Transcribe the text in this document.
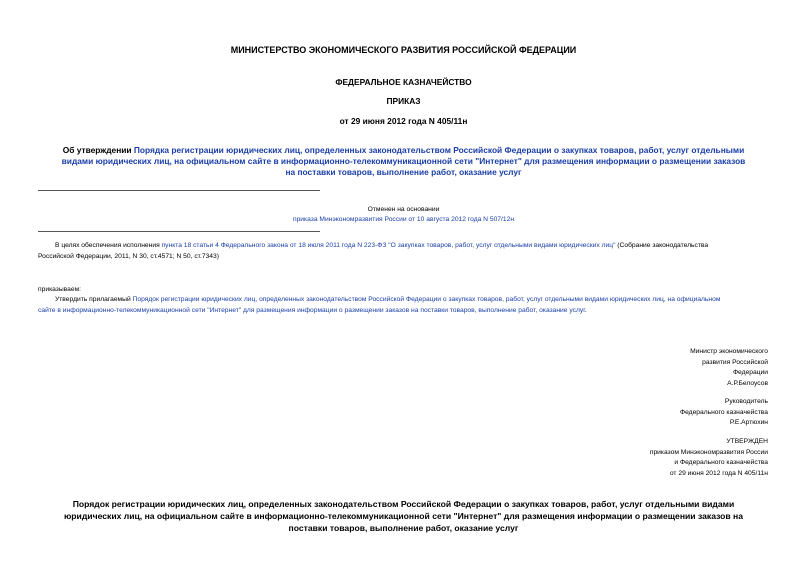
МИНИСТЕРСТВО ЭКОНОМИЧЕСКОГО РАЗВИТИЯ РОССИЙСКОЙ ФЕДЕРАЦИИ
ФЕДЕРАЛЬНОЕ КАЗНАЧЕЙСТВО
ПРИКАЗ
от 29 июня 2012 года N 405/11н
Об утверждении Порядка регистрации юридических лиц, определенных законодательством Российской Федерации о закупках товаров, работ, услуг отдельными
видами юридических лиц, на официальном сайте в информационно-телекоммуникационной сети "Интернет" для размещения информации о размещении заказов
на поставки товаров, выполнение работ, оказание услуг
Отменен на основании
приказа Минэкономразвития России от 10 августа 2012 года N 507/12н
В целях обеспечения исполнения пункта 18 статьи 4 Федерального закона от 18 июля 2011 года N 223-ФЗ "О закупках товаров, работ, услуг отдельными видами юридических лиц" (Собрание законодательства
Российской Федерации, 2011, N 30, ст.4571; N 50, ст.7343)
приказываем:
Утвердить прилагаемый Порядок регистрации юридических лиц, определенных законодательством Российской Федерации о закупках товаров, работ, услуг отдельными видами юридических лиц, на официальном
сайте в информационно-телекоммуникационной сети "Интернет" для размещения информации о размещении заказов на поставки товаров, выполнение работ, оказание услуг.
Министр экономического
развития Российской
Федерации
А.Р.Белоусов
Руководитель
Федерального казначейства
Р.Е.Артюхин
УТВЕРЖДЕН
приказом Минэкономразвития России
и Федерального казначейства
от 29 июня 2012 года N 405/11н
Порядок регистрации юридических лиц, определенных законодательством Российской Федерации о закупках товаров, работ, услуг отдельными видами
юридических лиц, на официальном сайте в информационно-телекоммуникационной сети "Интернет" для размещения информации о размещении заказов на
поставки товаров, выполнение работ, оказание услуг
